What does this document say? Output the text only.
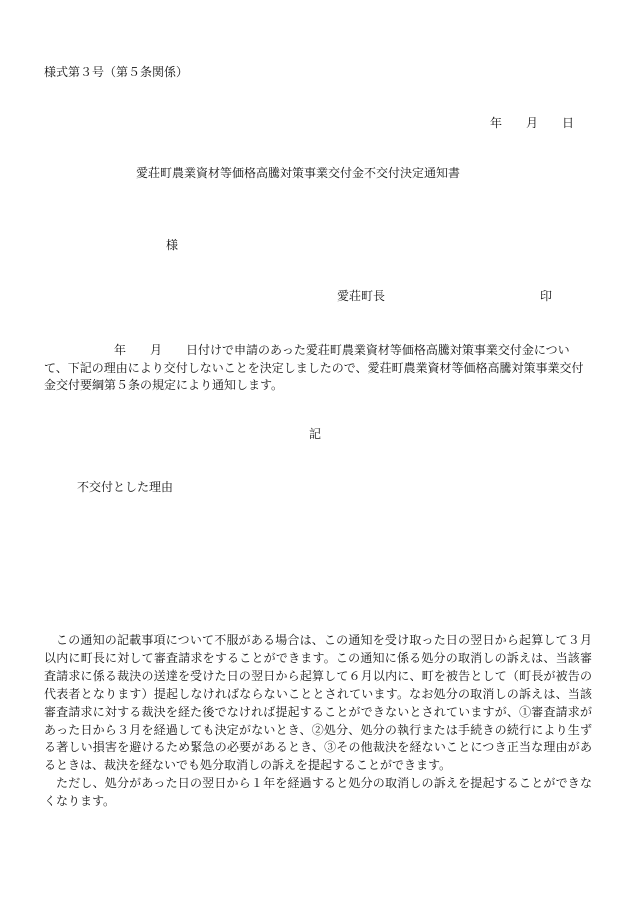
様式第３号（第５条関係）
年 月 日
愛荘町農業資材等価格高騰対策事業交付金不交付決定通知書
様
愛荘町長	印
年 月 日付けで申請のあった愛荘町農業資材等価格高騰対策事業交付金について、下記の理由により交付しないことを決定しましたので、愛荘町農業資材等価格高騰対策事業交付金交付要綱第５条の規定により通知します。
記
不交付とした理由

この通知の記載事項について不服がある場合は、この通知を受け取った日の翌日から起算して３月以内に町長に対して審査請求をすることができます。この通知に係る処分の取消しの訴えは、当該審査請求に係る裁決の送達を受けた日の翌日から起算して６月以内に、町を被告として（町長が被告の代表者となります）提起しなければならないこととされています。なお処分の取消しの訴えは、当該審査請求に対する裁決を経た後でなければ提起することができないとされていますが、①審査請求があった日から３月を経過しても決定がないとき、②処分、処分の執行または手続きの続行により生ずる著しい損害を避けるため緊急の必要があるとき、③その他裁決を経ないことにつき正当な理由があるときは、裁決を経ないでも処分取消しの訴えを提起することができます。

ただし、処分があった日の翌日から１年を経過すると処分の取消しの訴えを提起することができなくなります。
